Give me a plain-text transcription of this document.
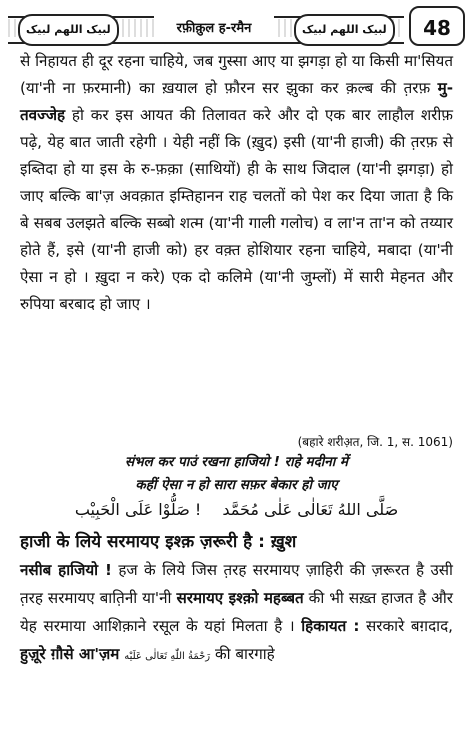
لبیک اللهم لبیک	रफ़ीक़ुल ह-रमैन	لبیک اللهم لبیک	48

से निहायत ही दूर रहना चाहिये, जब गुस्सा आए या झगड़ा हो या किसी मा'सियत (या'नी ना फ़रमानी) का ख़याल हो फ़ौरन सर झुका कर क़ल्ब की त़रफ़ मु-तवज्जेह हो कर इस आयत की तिलावत करे और दो एक बार लाहौल शरीफ़ पढ़े, येह बात जाती रहेगी । येही नहीं कि (ख़ुद) इसी (या'नी हाजी) की त़रफ़ से इब्तिदा हो या इस के रु-फ़क़ा (साथियों) ही के साथ जिदाल (या'नी झगड़ा) हो जाए बल्कि बा'ज़ अवक़ात इम्तिहानन राह चलतों को पेश कर दिया जाता है कि बे सबब उलझते बल्कि सब्बो शत्म (या'नी गाली गलोच) व ला'न ता'न को तय्यार होते हैं, इसे (या'नी हाजी को) हर वक़्त होशियार रहना चाहिये, मबादा (या'नी ऐसा न हो । ख़ुदा न करे) एक दो कलिमे (या'नी जुम्लों) में सारी मेहनत और रुपिया बरबाद हो जाए ।

(बहारे शरीअ़त, जि. 1, स. 1061)
संभल कर पाउं रखना हाजियो ! राहे मदीना में
कहीं ऐसा न हो सारा सफ़र बेकार हो जाए
صَلُّوْا عَلَى الْحَبِيْب ! صَلَّى اللهُ تَعَالٰى عَلٰى مُحَمَّد
हाजी के लिये सरमायए इश्क़ ज़रूरी है : ख़ुश

नसीब हाजियो ! हज के लिये जिस त़रह सरमायए ज़ाहिरी की ज़रूरत है उसी त़रह सरमायए बात़िनी या'नी सरमायए इश्क़ो महब्बत की भी सख़्त हाजत है और येह सरमाया आशिक़ाने रसूल के यहां मिलता है । हिकायत : सरकारे बग़दाद, हुज़ूरे ग़ौसे आ'ज़म رَحْمَةُ اللّٰهِ تَعَالٰى عَلَيْه की बारगाहे
